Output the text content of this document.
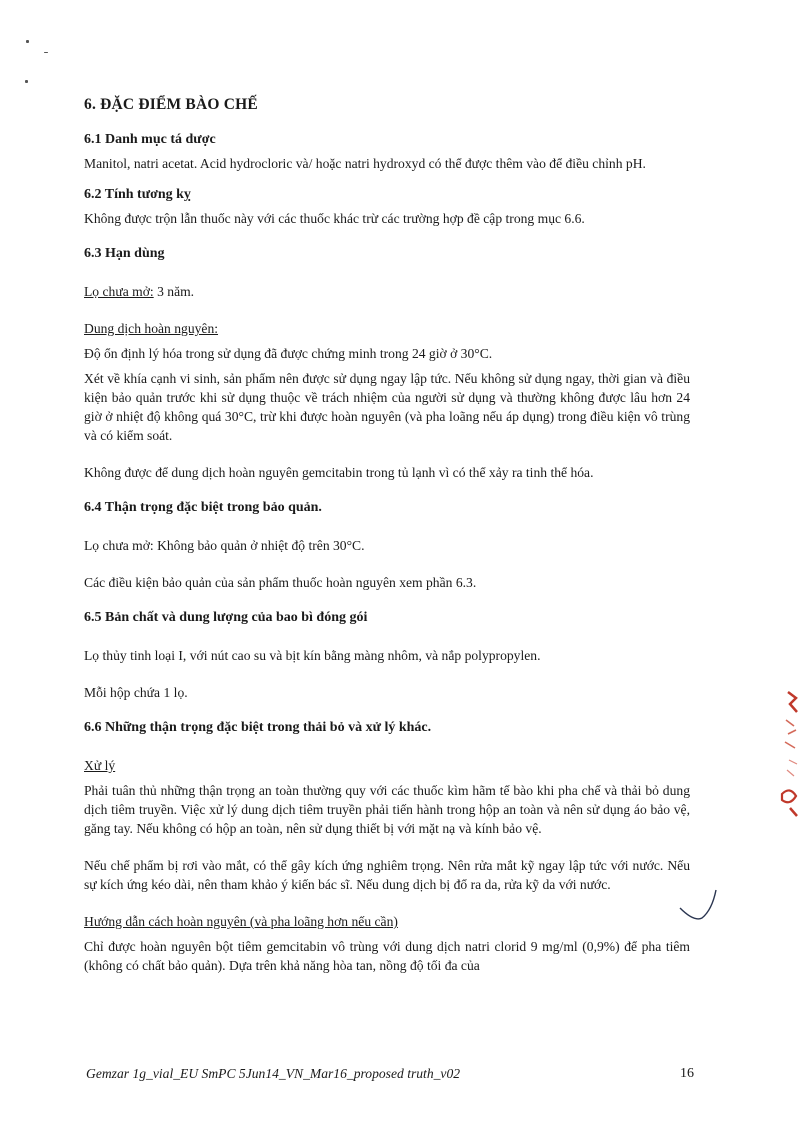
6. ĐẶC ĐIỂM BÀO CHẾ
6.1 Danh mục tá dược

Manitol, natri acetat. Acid hydrocloric và/ hoặc natri hydroxyd có thể được thêm vào để điều chỉnh pH.

6.2 Tính tương kỵ

Không được trộn lẫn thuốc này với các thuốc khác trừ các trường hợp đề cập trong mục 6.6.

6.3 Hạn dùng

Lọ chưa mở: 3 năm.

Dung dịch hoàn nguyên:

Độ ổn định lý hóa trong sử dụng đã được chứng minh trong 24 giờ ở 30°C.

Xét về khía cạnh vi sinh, sản phẩm nên được sử dụng ngay lập tức. Nếu không sử dụng ngay, thời gian và điều kiện bảo quản trước khi sử dụng thuộc về trách nhiệm của người sử dụng và thường không được lâu hơn 24 giờ ở nhiệt độ không quá 30°C, trừ khi được hoàn nguyên (và pha loãng nếu áp dụng) trong điều kiện vô trùng và có kiểm soát.

Không được để dung dịch hoàn nguyên gemcitabin trong tủ lạnh vì có thể xảy ra tinh thể hóa.

6.4 Thận trọng đặc biệt trong bảo quản.

Lọ chưa mở: Không bảo quản ở nhiệt độ trên 30°C.

Các điều kiện bảo quản của sản phẩm thuốc hoàn nguyên xem phần 6.3.

6.5 Bản chất và dung lượng của bao bì đóng gói

Lọ thủy tinh loại I, với nút cao su và bịt kín bằng màng nhôm, và nắp polypropylen.

Mỗi hộp chứa 1 lọ.

6.6 Những thận trọng đặc biệt trong thải bỏ và xử lý khác.

Xử lý

Phải tuân thủ những thận trọng an toàn thường quy với các thuốc kìm hãm tế bào khi pha chế và thải bỏ dung dịch tiêm truyền. Việc xử lý dung dịch tiêm truyền phải tiến hành trong hộp an toàn và nên sử dụng áo bảo vệ, găng tay. Nếu không có hộp an toàn, nên sử dụng thiết bị với mặt nạ và kính bảo vệ.

Nếu chế phẩm bị rơi vào mắt, có thể gây kích ứng nghiêm trọng. Nên rửa mắt kỹ ngay lập tức với nước. Nếu sự kích ứng kéo dài, nên tham khảo ý kiến bác sĩ. Nếu dung dịch bị đổ ra da, rửa kỹ da với nước.

Hướng dẫn cách hoàn nguyên (và pha loãng hơn nếu cần)

Chỉ được hoàn nguyên bột tiêm gemcitabin vô trùng với dung dịch natri clorid 9 mg/ml (0,9%) để pha tiêm (không có chất bảo quản). Dựa trên khả năng hòa tan, nồng độ tối đa của

Gemzar 1g_vial_EU SmPC 5Jun14_VN_Mar16_proposed truth_v02	16
